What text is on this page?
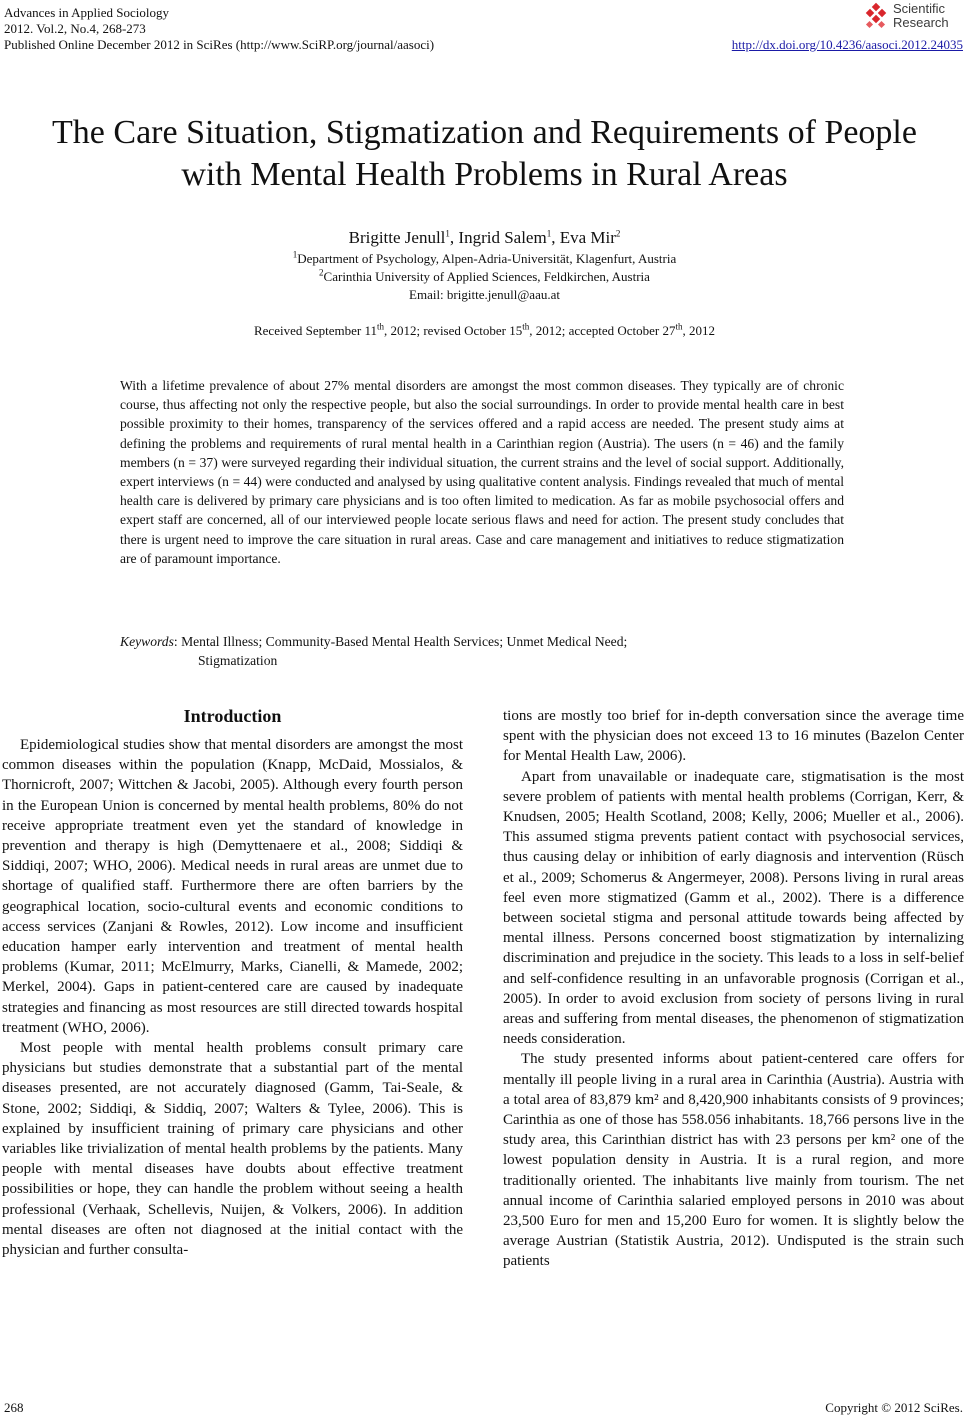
Advances in Applied Sociology
2012. Vol.2, No.4, 268-273
Published Online December 2012 in SciRes (http://www.SciRP.org/journal/aasoci)	http://dx.doi.org/10.4236/aasoci.2012.24035
Scientific
Research
The Care Situation, Stigmatization and Requirements of People
with Mental Health Problems in Rural Areas
Brigitte Jenull$^1$, Ingrid Salem$^1$, Eva Mir$^2$
$^1$Department of Psychology, Alpen-Adria-Universität, Klagenfurt, Austria
$^2$Carinthia University of Applied Sciences, Feldkirchen, Austria
Email: brigitte.jenull@aau.at
Received September 11th, 2012; revised October 15th, 2012; accepted October 27th, 2012
With a lifetime prevalence of about 27% mental disorders are amongst the most common diseases. They typically are of chronic course, thus affecting not only the respective people, but also the social surroundings. In order to provide mental health care in best possible proximity to their homes, transparency of the services offered and a rapid access are needed. The present study aims at defining the problems and requirements of rural mental health in a Carinthian region (Austria). The users (n = 46) and the family members (n = 37) were surveyed regarding their individual situation, the current strains and the level of social support. Additionally, expert interviews (n = 44) were conducted and analysed by using qualitative content analysis. Findings revealed that much of mental health care is delivered by primary care physicians and is too often limited to medication. As far as mobile psychosocial offers and expert staff are concerned, all of our interviewed people locate serious flaws and need for action. The present study concludes that there is urgent need to improve the care situation in rural areas. Case and care management and initiatives to reduce stigmatization are of paramount importance.
Keywords: Mental Illness; Community-Based Mental Health Services; Unmet Medical Need;
Stigmatization
Introduction

Epidemiological studies show that mental disorders are amongst the most common diseases within the population (Knapp, McDaid, Mossialos, & Thornicroft, 2007; Wittchen & Jacobi, 2005). Although every fourth person in the European Union is concerned by mental health problems, 80% do not receive appropriate treatment even yet the standard of knowledge in prevention and therapy is high (Demyttenaere et al., 2008; Siddiqi & Siddiqi, 2007; WHO, 2006). Medical needs in rural areas are unmet due to shortage of qualified staff. Furthermore there are often barriers by the geographical location, socio-cultural events and economic conditions to access services (Zanjani & Rowles, 2012). Low income and insufficient education hamper early intervention and treatment of mental health problems (Kumar, 2011; McElmurry, Marks, Cianelli, & Mamede, 2002; Merkel, 2004). Gaps in patient-centered care are caused by inadequate strategies and financing as most resources are still directed towards hospital treatment (WHO, 2006).

Most people with mental health problems consult primary care physicians but studies demonstrate that a substantial part of the mental diseases presented, are not accurately diagnosed (Gamm, Tai-Seale, & Stone, 2002; Siddiqi, & Siddiq, 2007; Walters & Tylee, 2006). This is explained by insufficient training of primary care physicians and other variables like trivialization of mental health problems by the patients. Many people with mental diseases have doubts about effective treatment possibilities or hope, they can handle the problem without seeing a health professional (Verhaak, Schellevis, Nuijen, & Volkers, 2006). In addition mental diseases are often not diagnosed at the initial contact with the physician and further consulta-

tions are mostly too brief for in-depth conversation since the average time spent with the physician does not exceed 13 to 16 minutes (Bazelon Center for Mental Health Law, 2006).

Apart from unavailable or inadequate care, stigmatisation is the most severe problem of patients with mental health problems (Corrigan, Kerr, & Knudsen, 2005; Health Scotland, 2008; Kelly, 2006; Mueller et al., 2006). This assumed stigma prevents patient contact with psychosocial services, thus causing delay or inhibition of early diagnosis and intervention (Rüsch et al., 2009; Schomerus & Angermeyer, 2008). Persons living in rural areas feel even more stigmatized (Gamm et al., 2002). There is a difference between societal stigma and personal attitude towards being affected by mental illness. Persons concerned boost stigmatization by internalizing discrimination and prejudice in the society. This leads to a loss in self-belief and self-confidence resulting in an unfavorable prognosis (Corrigan et al., 2005). In order to avoid exclusion from society of persons living in rural areas and suffering from mental diseases, the phenomenon of stigmatization needs consideration.

The study presented informs about patient-centered care offers for mentally ill people living in a rural area in Carinthia (Austria). Austria with a total area of 83,879 km² and 8,420,900 inhabitants consists of 9 provinces; Carinthia as one of those has 558.056 inhabitants. 18,766 persons live in the study area, this Carinthian district has with 23 persons per km² one of the lowest population density in Austria. It is a rural region, and more traditionally oriented. The inhabitants live mainly from tourism. The net annual income of Carinthia salaried employed persons in 2010 was about 23,500 Euro for men and 15,200 Euro for women. It is slightly below the average Austrian (Statistik Austria, 2012). Undisputed is the strain such patients

268	Copyright © 2012 SciRes.
